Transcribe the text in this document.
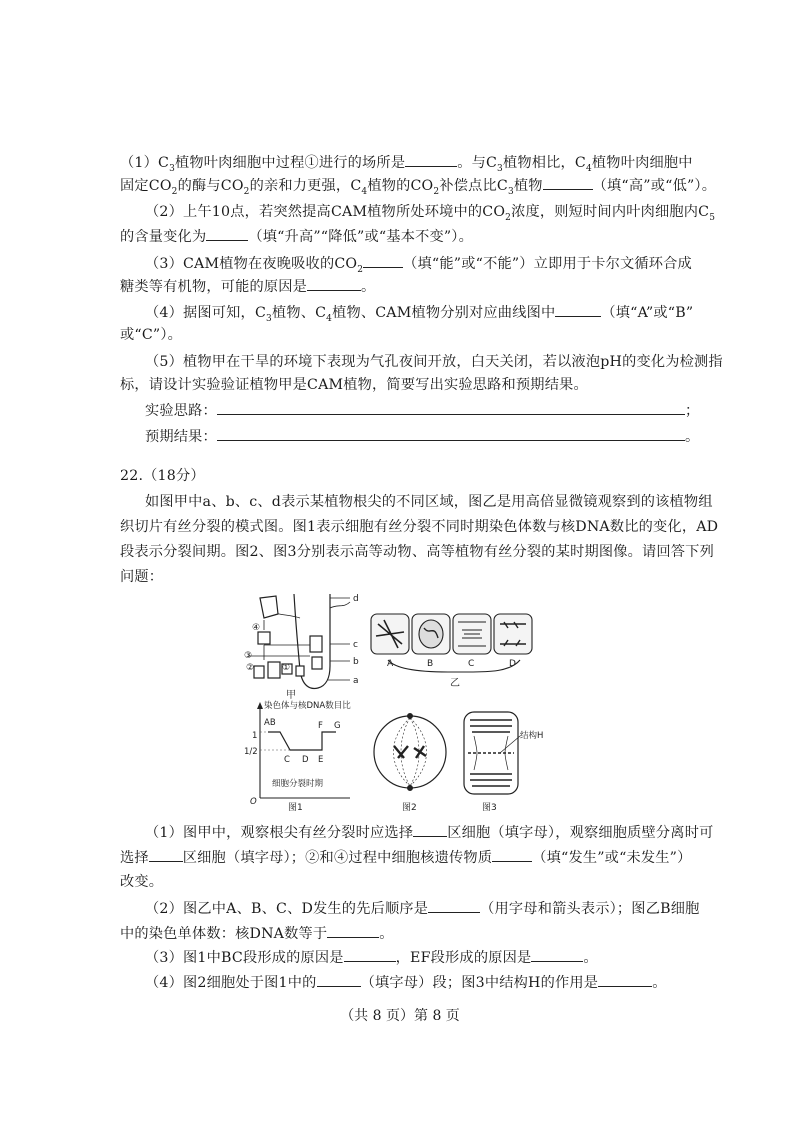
$(1)C_3$植物叶肉细胞中过程①进行的场所是	。与$C_3$植物相比，$C_4$植物叶肉细胞中
固定$CO_2$的酶与$CO_2$的亲和力更强，$C_4$植物的$CO_2$补偿点比$C_3$植物	（填“高”或“低”）。
（2）上午10点，若突然提高CAM植物所处环境中的$CO_2$浓度，则短时间内叶肉细胞内$C_5$
的含量变化为	（填“升高”“降低”或“基本不变”）。
（3）CAM植物在夜晚吸收的$CO_2$	（填“能”或“不能”）立即用于卡尔文循环合成
糖类等有机物，可能的原因是	。
（4）据图可知，$C_3$植物、$C_4$植物、CAM植物分别对应曲线图中	（填“A”或“B”
或“C”）。
（5）植物甲在干旱的环境下表现为气孔夜间开放，白天关闭，若以液泡pH的变化为检测指
标，请设计实验验证植物甲是CAM植物，简要写出实验思路和预期结果。
实验思路：	；
预期结果：	。
22.（18分）
如图甲中a、b、c、d表示某植物根尖的不同区域，图乙是用高倍显微镜观察到的该植物组
织切片有丝分裂的模式图。图1表示细胞有丝分裂不同时期染色体数与核DNA数比的变化，AD
段表示分裂间期。图2、图3分别表示高等动物、高等植物有丝分裂的某时期图像。请回答下列
问题：
d
c
b
a
④
③
②	①
甲
A	B	C	D
乙
染色体与核DNA数目比
1
1/2
AB
C D E
F G
细胞分裂时期
O
图1	图2
结构H
图3
（1）图甲中，观察根尖有丝分裂时应选择 区细胞（填字母），观察细胞质壁分离时可
选择 区细胞（填字母）；②和④过程中细胞核遗传物质	（填“发生”或“未发生”）
改变。
（2）图乙中A、B、C、D发生的先后顺序是	（用字母和箭头表示）；图乙B细胞
中的染色单体数：核DNA数等于	。
（3）图1中BC段形成的原因是	，EF段形成的原因是	。
（4）图2细胞处于图1中的	（填字母）段；图3中结构H的作用是	。
（共 8 页）第 8 页
